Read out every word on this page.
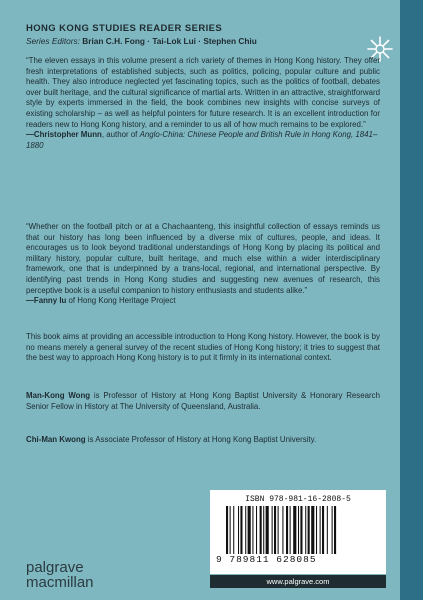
HONG KONG STUDIES READER SERIES
Series Editors: Brian C.H. Fong · Tai-Lok Lui · Stephen Chiu

“The eleven essays in this volume present a rich variety of themes in Hong Kong history. They offer fresh interpretations of established subjects, such as politics, policing, popular culture and public health. They also introduce neglected yet fascinating topics, such as the politics of football, debates over built heritage, and the cultural significance of martial arts. Written in an attractive, straightforward style by experts immersed in the field, the book combines new insights with concise surveys of existing scholarship – as well as helpful pointers for future research. It is an excellent introduction for readers new to Hong Kong history, and a reminder to us all of how much remains to be explored.”

—Christopher Munn, author of Anglo-China: Chinese People and British Rule in Hong Kong, 1841–1880

“Whether on the football pitch or at a Chachaanteng, this insightful collection of essays reminds us that our history has long been influenced by a diverse mix of cultures, people, and ideas. It encourages us to look beyond traditional understandings of Hong Kong by placing its political and military history, popular culture, built heritage, and much else within a wider interdisciplinary framework, one that is underpinned by a trans-local, regional, and international perspective. By identifying past trends in Hong Kong studies and suggesting new avenues of research, this perceptive book is a useful companion to history enthusiasts and students alike.”

—Fanny Iu of Hong Kong Heritage Project

This book aims at providing an accessible introduction to Hong Kong history. However, the book is by no means merely a general survey of the recent studies of Hong Kong history; it tries to suggest that the best way to approach Hong Kong history is to put it firmly in its international context.
Man-Kong Wong is Professor of History at Hong Kong Baptist University & Honorary Research Senior Fellow in History at The University of Queensland, Australia.
Chi-Man Kwong is Associate Professor of History at Hong Kong Baptist University.
ISBN 978-981-16-2808-5
9 789811 628085
www.palgrave.com
palgrave
macmillan
